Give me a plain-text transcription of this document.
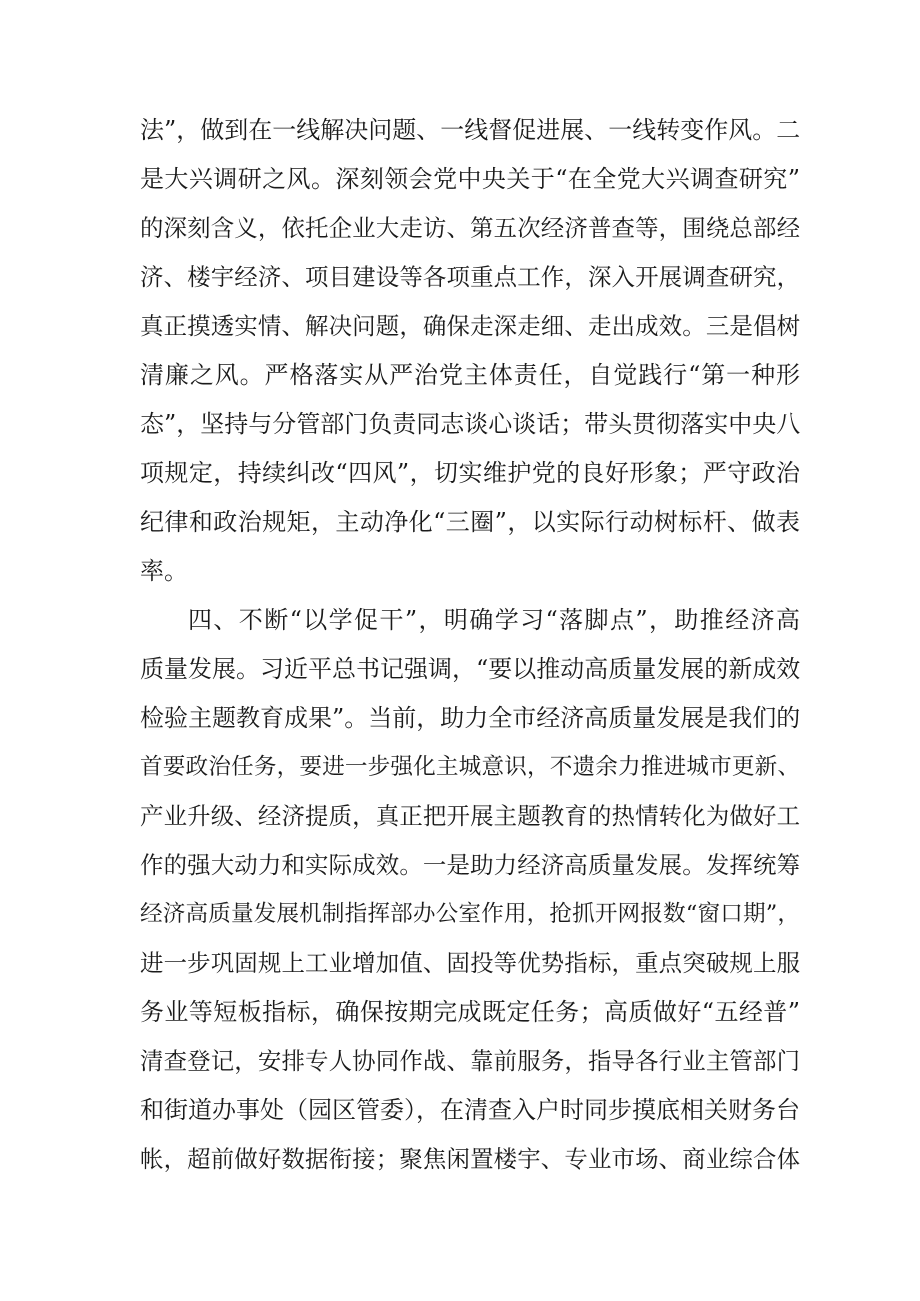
法”，做到在一线解决问题、一线督促进展、一线转变作风。二

是大兴调研之风。深刻领会党中央关于“在全党大兴调查研究”

的深刻含义，依托企业大走访、第五次经济普查等，围绕总部经

济、楼宇经济、项目建设等各项重点工作，深入开展调查研究，

真正摸透实情、解决问题，确保走深走细、走出成效。三是倡树

清廉之风。严格落实从严治党主体责任，自觉践行“第一种形

态”，坚持与分管部门负责同志谈心谈话；带头贯彻落实中央八

项规定，持续纠改“四风”，切实维护党的良好形象；严守政治

纪律和政治规矩，主动净化“三圈”，以实际行动树标杆、做表

率。

四、不断“以学促干”，明确学习“落脚点”，助推经济高

质量发展。习近平总书记强调，“要以推动高质量发展的新成效

检验主题教育成果”。当前，助力全市经济高质量发展是我们的

首要政治任务，要进一步强化主城意识，不遗余力推进城市更新、

产业升级、经济提质，真正把开展主题教育的热情转化为做好工

作的强大动力和实际成效。一是助力经济高质量发展。发挥统筹

经济高质量发展机制指挥部办公室作用，抢抓开网报数“窗口期”，

进一步巩固规上工业增加值、固投等优势指标，重点突破规上服

务业等短板指标，确保按期完成既定任务；高质做好“五经普”

清查登记，安排专人协同作战、靠前服务，指导各行业主管部门

和街道办事处（园区管委），在清查入户时同步摸底相关财务台

帐，超前做好数据衔接；聚焦闲置楼宇、专业市场、商业综合体
